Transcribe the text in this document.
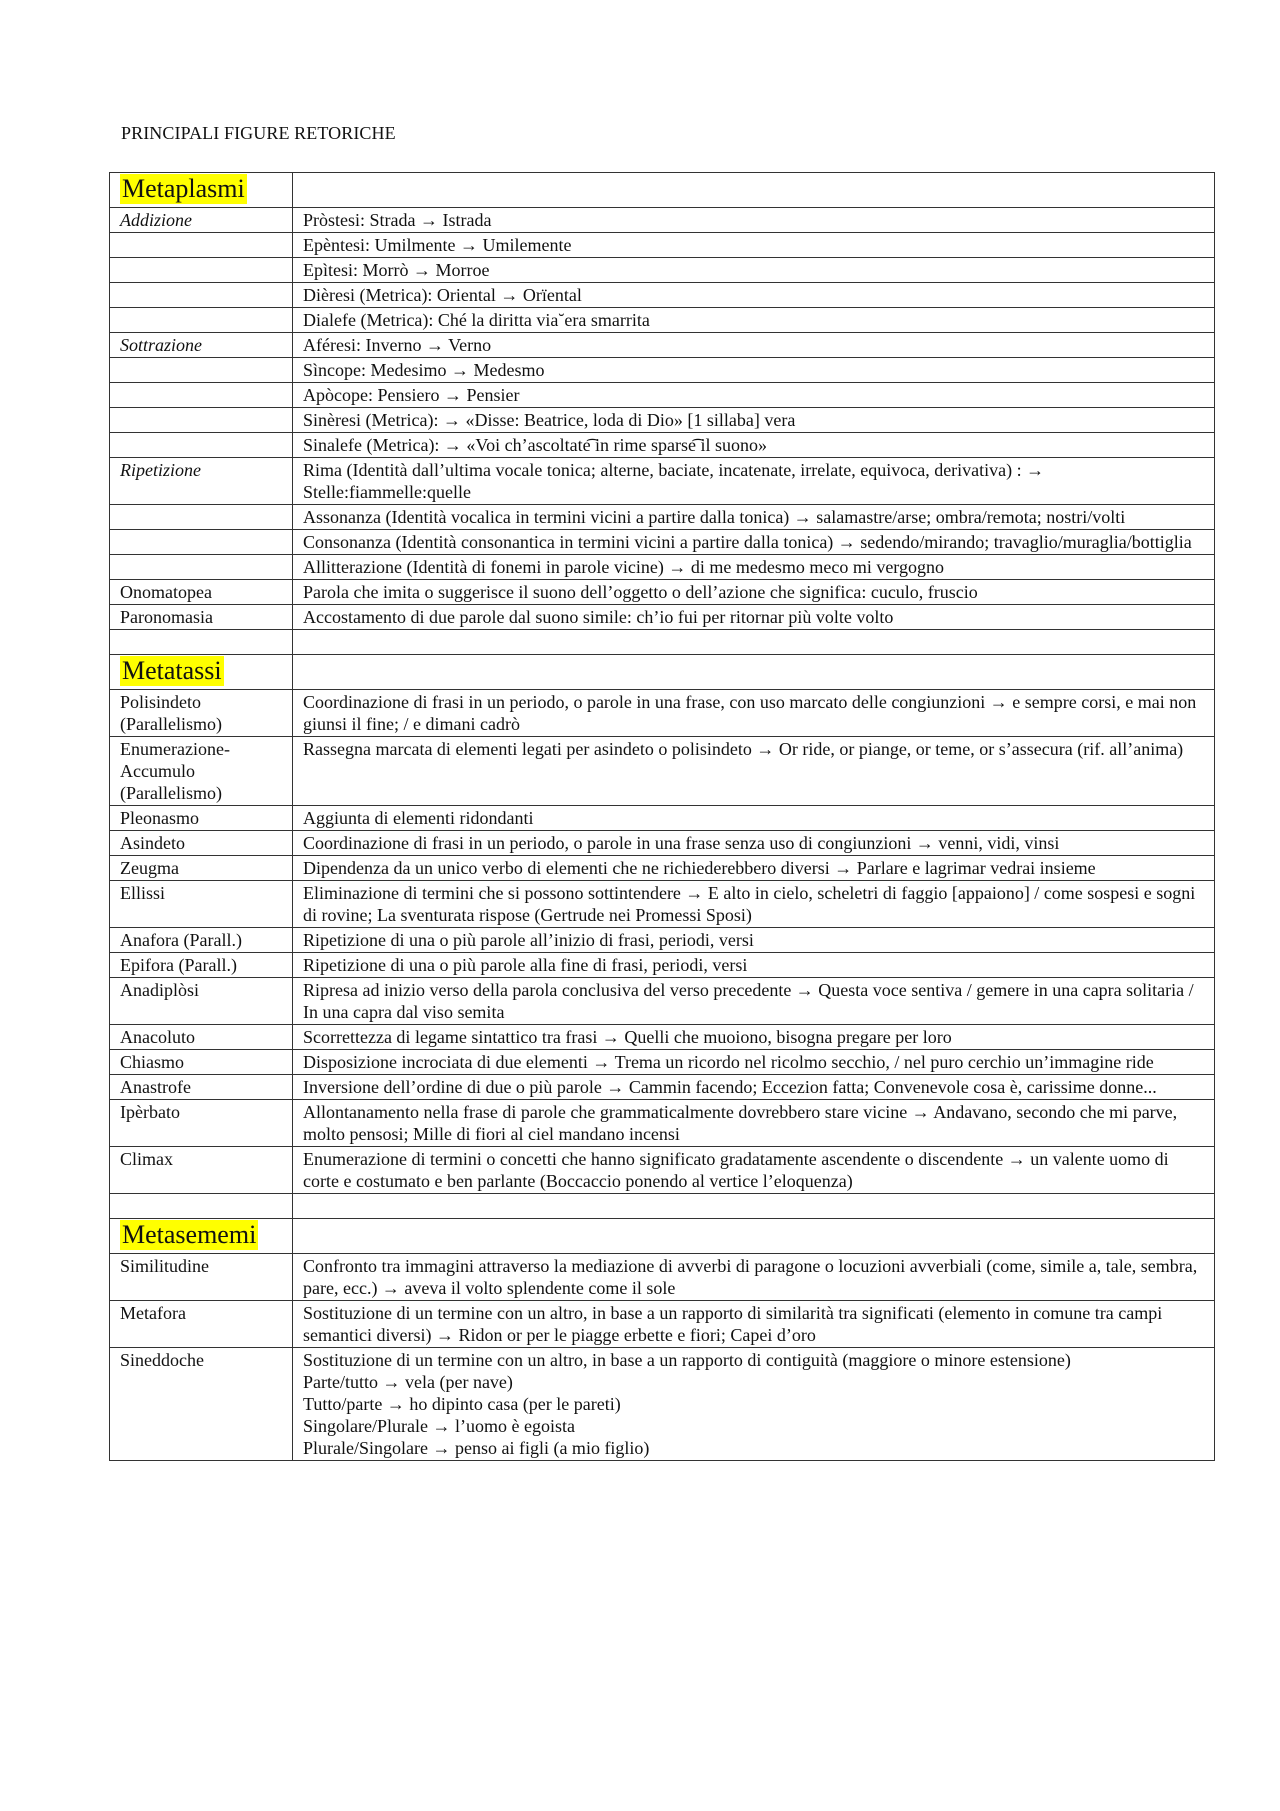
PRINCIPALI FIGURE RETORICHE
Metaplasmi	
Addizione	Pròstesi: Strada → Istrada
	Epèntesi: Umilmente → Umilemente
	Epìtesi: Morrò → Morroe
	Dièresi (Metrica): Oriental → Orïental
	Dialefe (Metrica): Ché la diritta via˘era smarrita
Sottrazione	Aféresi: Inverno → Verno
	Sìncope: Medesimo → Medesmo
	Apòcope: Pensiero → Pensier
	Sinèresi (Metrica): → «Disse: Beatrice, loda di Dio» [1 sillaba] vera
	Sinalefe (Metrica): → «Voi ch’ascoltate͡ in rime sparse͡ il suono»
Ripetizione	Rima (Identità dall’ultima vocale tonica; alterne, baciate, incatenate, irrelate, equivoca, derivativa) : → Stelle:fiammelle:quelle
	Assonanza (Identità vocalica in termini vicini a partire dalla tonica) → salamastre/arse; ombra/remota; nostri/volti
	Consonanza (Identità consonantica in termini vicini a partire dalla tonica) → sedendo/mirando; travaglio/muraglia/bottiglia
	Allitterazione (Identità di fonemi in parole vicine) → di me medesmo meco mi vergogno
Onomatopea	Parola che imita o suggerisce il suono dell’oggetto o dell’azione che significa: cuculo, fruscio
Paronomasia	Accostamento di due parole dal suono simile: ch’io fui per ritornar più volte volto

Metatassi	
Polisindeto (Parallelismo)	Coordinazione di frasi in un periodo, o parole in una frase, con uso marcato delle congiunzioni → e sempre corsi, e mai non giunsi il fine; / e dimani cadrò
Enumerazione-Accumulo (Parallelismo)	Rassegna marcata di elementi legati per asindeto o polisindeto → Or ride, or piange, or teme, or s’assecura (rif. all’anima)
Pleonasmo	Aggiunta di elementi ridondanti
Asindeto	Coordinazione di frasi in un periodo, o parole in una frase senza uso di congiunzioni → venni, vidi, vinsi
Zeugma	Dipendenza da un unico verbo di elementi che ne richiederebbero diversi → Parlare e lagrimar vedrai insieme
Ellissi	Eliminazione di termini che si possono sottintendere → E alto in cielo, scheletri di faggio [appaiono] / come sospesi e sogni di rovine; La sventurata rispose (Gertrude nei Promessi Sposi)
Anafora (Parall.)	Ripetizione di una o più parole all’inizio di frasi, periodi, versi
Epifora (Parall.)	Ripetizione di una o più parole alla fine di frasi, periodi, versi
Anadiplòsi	Ripresa ad inizio verso della parola conclusiva del verso precedente → Questa voce sentiva / gemere in una capra solitaria / In una capra dal viso semita
Anacoluto	Scorrettezza di legame sintattico tra frasi → Quelli che muoiono, bisogna pregare per loro
Chiasmo	Disposizione incrociata di due elementi → Trema un ricordo nel ricolmo secchio, / nel puro cerchio un’immagine ride
Anastrofe	Inversione dell’ordine di due o più parole → Cammin facendo; Eccezion fatta; Convenevole cosa è, carissime donne...
Ipèrbato	Allontanamento nella frase di parole che grammaticalmente dovrebbero stare vicine → Andavano, secondo che mi parve, molto pensosi; Mille di fiori al ciel mandano incensi
Climax	Enumerazione di termini o concetti che hanno significato gradatamente ascendente o discendente → un valente uomo di corte e costumato e ben parlante (Boccaccio ponendo al vertice l’eloquenza)

Metasememi	
Similitudine	Confronto tra immagini attraverso la mediazione di avverbi di paragone o locuzioni avverbiali (come, simile a, tale, sembra, pare, ecc.) → aveva il volto splendente come il sole
Metafora	Sostituzione di un termine con un altro, in base a un rapporto di similarità tra significati (elemento in comune tra campi semantici diversi) → Ridon or per le piagge erbette e fiori; Capei d’oro
Sineddoche	Sostituzione di un termine con un altro, in base a un rapporto di contiguità (maggiore o minore estensione)
Parte/tutto → vela (per nave)
Tutto/parte → ho dipinto casa (per le pareti)
Singolare/Plurale → l’uomo è egoista
Plurale/Singolare → penso ai figli (a mio figlio)
